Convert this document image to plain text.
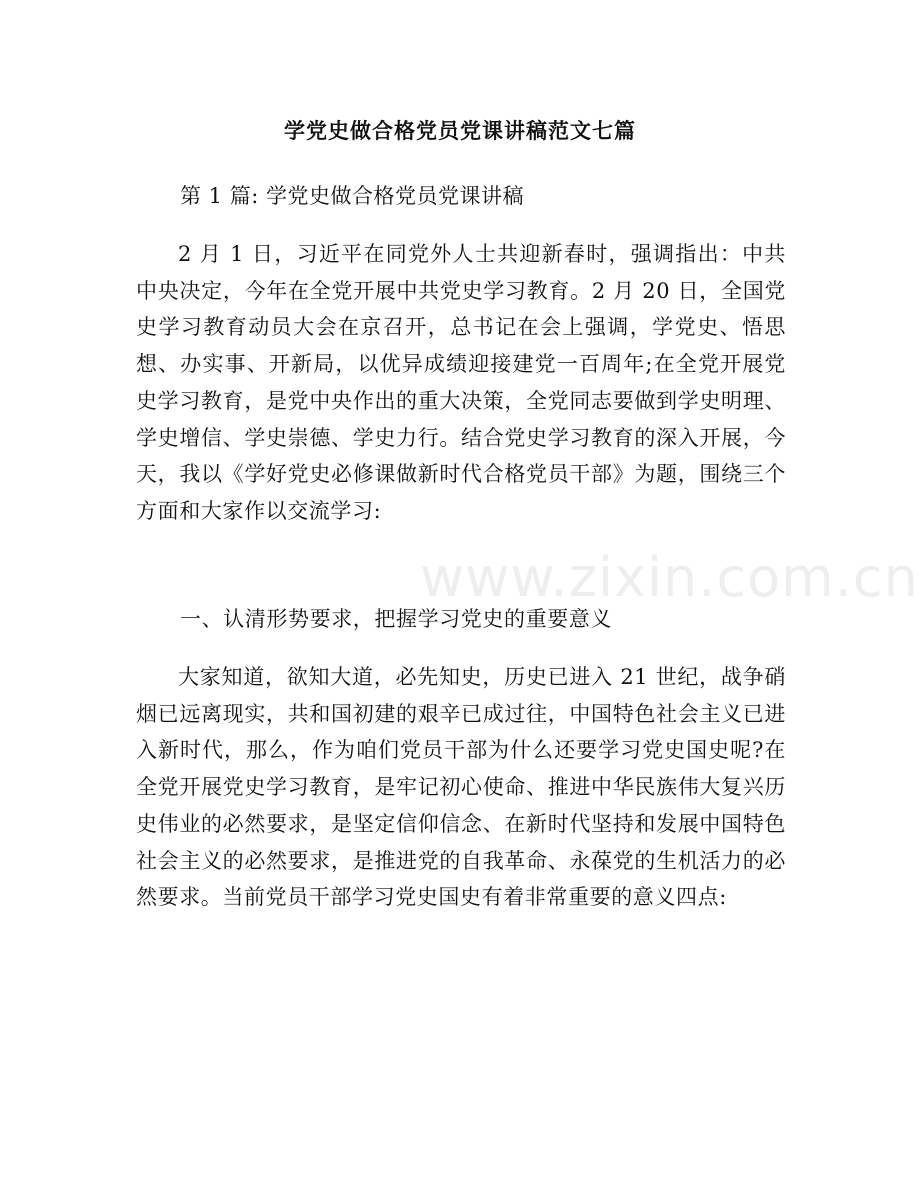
学党史做合格党员党课讲稿范文七篇

第 1 篇: 学党史做合格党员党课讲稿

2 月 1 日，习近平在同党外人士共迎新春时，强调指出：中共中央决定，今年在全党开展中共党史学习教育。2 月 20 日，全国党史学习教育动员大会在京召开，总书记在会上强调，学党史、悟思想、办实事、开新局，以优异成绩迎接建党一百周年;在全党开展党史学习教育，是党中央作出的重大决策，全党同志要做到学史明理、学史增信、学史崇德、学史力行。结合党史学习教育的深入开展，今天，我以《学好党史必修课做新时代合格党员干部》为题，围绕三个方面和大家作以交流学习:

www.zixin.com.cn

一、认清形势要求，把握学习党史的重要意义

大家知道，欲知大道，必先知史，历史已进入 21 世纪，战争硝烟已远离现实，共和国初建的艰辛已成过往，中国特色社会主义已进入新时代，那么，作为咱们党员干部为什么还要学习党史国史呢?在全党开展党史学习教育，是牢记初心使命、推进中华民族伟大复兴历史伟业的必然要求，是坚定信仰信念、在新时代坚持和发展中国特色社会主义的必然要求，是推进党的自我革命、永葆党的生机活力的必然要求。当前党员干部学习党史国史有着非常重要的意义四点:
